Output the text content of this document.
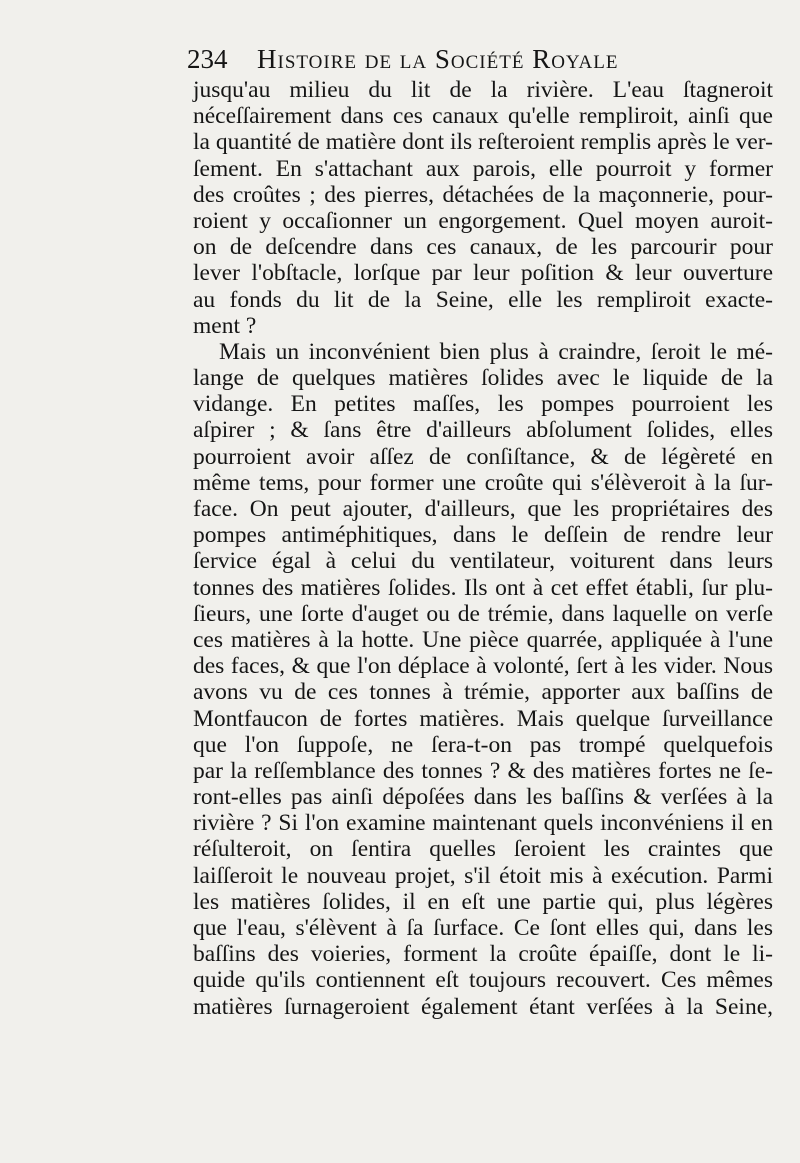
234 Histoire de la Société Royale
jusqu'au milieu du lit de la rivière. L'eau ſtagneroit
néceſſairement dans ces canaux qu'elle rempliroit, ainſi que
la quantité de matière dont ils reſteroient remplis après le ver-
ſement. En s'attachant aux parois, elle pourroit y former
des croûtes ; des pierres, détachées de la maçonnerie, pour-
roient y occaſionner un engorgement. Quel moyen auroit-
on de deſcendre dans ces canaux, de les parcourir pour
lever l'obſtacle, lorſque par leur poſition & leur ouverture
au fonds du lit de la Seine, elle les rempliroit exacte-
ment ?
Mais un inconvénient bien plus à craindre, ſeroit le mé-
lange de quelques matières ſolides avec le liquide de la
vidange. En petites maſſes, les pompes pourroient les
aſpirer ; & ſans être d'ailleurs abſolument ſolides, elles
pourroient avoir aſſez de conſiſtance, & de légèreté en
même tems, pour former une croûte qui s'élèveroit à la ſur-
face. On peut ajouter, d'ailleurs, que les propriétaires des
pompes antiméphitiques, dans le deſſein de rendre leur
ſervice égal à celui du ventilateur, voiturent dans leurs
tonnes des matières ſolides. Ils ont à cet effet établi, ſur plu-
ſieurs, une ſorte d'auget ou de trémie, dans laquelle on verſe
ces matières à la hotte. Une pièce quarrée, appliquée à l'une
des faces, & que l'on déplace à volonté, ſert à les vider. Nous
avons vu de ces tonnes à trémie, apporter aux baſſins de
Montfaucon de fortes matières. Mais quelque ſurveillance
que l'on ſuppoſe, ne ſera-t-on pas trompé quelquefois
par la reſſemblance des tonnes ? & des matières fortes ne ſe-
ront-elles pas ainſi dépoſées dans les baſſins & verſées à la
rivière ? Si l'on examine maintenant quels inconvéniens il en
réſulteroit, on ſentira quelles ſeroient les craintes que
laiſſeroit le nouveau projet, s'il étoit mis à exécution. Parmi
les matières ſolides, il en eſt une partie qui, plus légères
que l'eau, s'élèvent à ſa ſurface. Ce ſont elles qui, dans les
baſſins des voieries, forment la croûte épaiſſe, dont le li-
quide qu'ils contiennent eſt toujours recouvert. Ces mêmes
matières ſurnageroient également étant verſées à la Seine,
